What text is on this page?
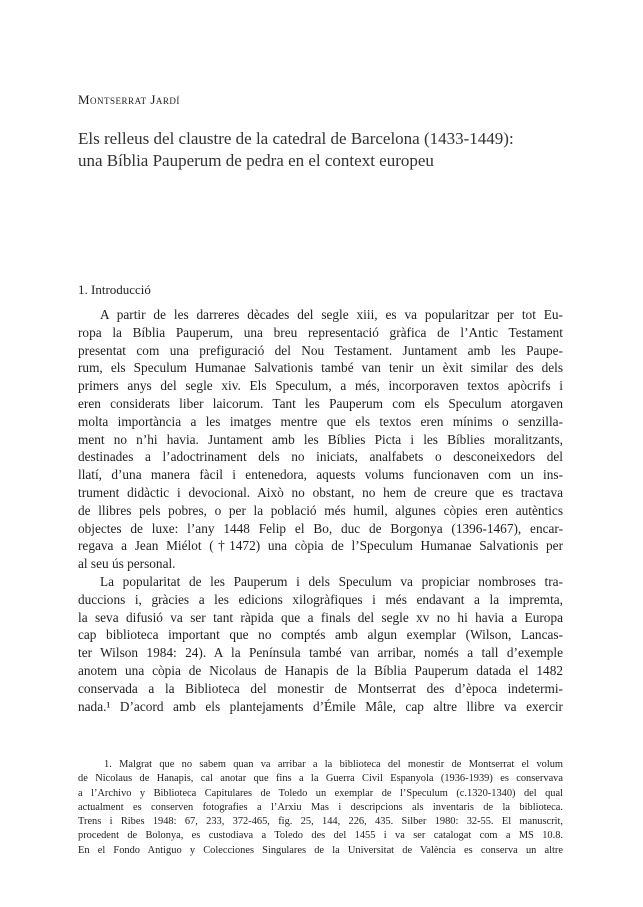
Montserrat Jardí
Els relleus del claustre de la catedral de Barcelona (1433-1449):
una Bíblia Pauperum de pedra en el context europeu
1. Introducció
A partir de les darreres dècades del segle xiii, es va popularitzar per tot Eu-
ropa la Bíblia Pauperum, una breu representació gràfica de l’Antic Testament
presentat com una prefiguració del Nou Testament. Juntament amb les Paupe-
rum, els Speculum Humanae Salvationis també van tenir un èxit similar des dels
primers anys del segle xiv. Els Speculum, a més, incorporaven textos apòcrifs i
eren considerats liber laicorum. Tant les Pauperum com els Speculum atorgaven
molta importància a les imatges mentre que els textos eren mínims o senzilla-
ment no n’hi havia. Juntament amb les Bíblies Picta i les Bíblies moralitzants,
destinades a l’adoctrinament dels no iniciats, analfabets o desconeixedors del
llatí, d’una manera fàcil i entenedora, aquests volums funcionaven com un ins-
trument didàctic i devocional. Això no obstant, no hem de creure que es tractava
de llibres pels pobres, o per la població més humil, algunes còpies eren autèntics
objectes de luxe: l’any 1448 Felip el Bo, duc de Borgonya (1396-1467), encar-
regava a Jean Miélot (†1472) una còpia de l’Speculum Humanae Salvationis per
al seu ús personal.
La popularitat de les Pauperum i dels Speculum va propiciar nombroses tra-
duccions i, gràcies a les edicions xilogràfiques i més endavant a la impremta,
la seva difusió va ser tant ràpida que a finals del segle xv no hi havia a Europa
cap biblioteca important que no comptés amb algun exemplar (Wilson, Lancas-
ter Wilson 1984: 24). A la Península també van arribar, només a tall d’exemple
anotem una còpia de Nicolaus de Hanapis de la Bíblia Pauperum datada el 1482
conservada a la Biblioteca del monestir de Montserrat des d’època indetermi-
nada.¹ D’acord amb els plantejaments d’Émile Mâle, cap altre llibre va exercir
1. Malgrat que no sabem quan va arribar a la biblioteca del monestir de Montserrat el volum
de Nicolaus de Hanapis, cal anotar que fins a la Guerra Civil Espanyola (1936-1939) es conservava
a l’Archivo y Biblioteca Capitulares de Toledo un exemplar de l’Speculum (c.1320-1340) del qual
actualment es conserven fotografies a l’Arxiu Mas i descripcions als inventaris de la biblioteca.
Trens i Ribes 1948: 67, 233, 372-465, fig. 25, 144, 226, 435. Silber 1980: 32-55. El manuscrit,
procedent de Bolonya, es custodiava a Toledo des del 1455 i va ser catalogat com a MS 10.8.
En el Fondo Antiguo y Colecciones Singulares de la Universitat de València es conserva un altre
